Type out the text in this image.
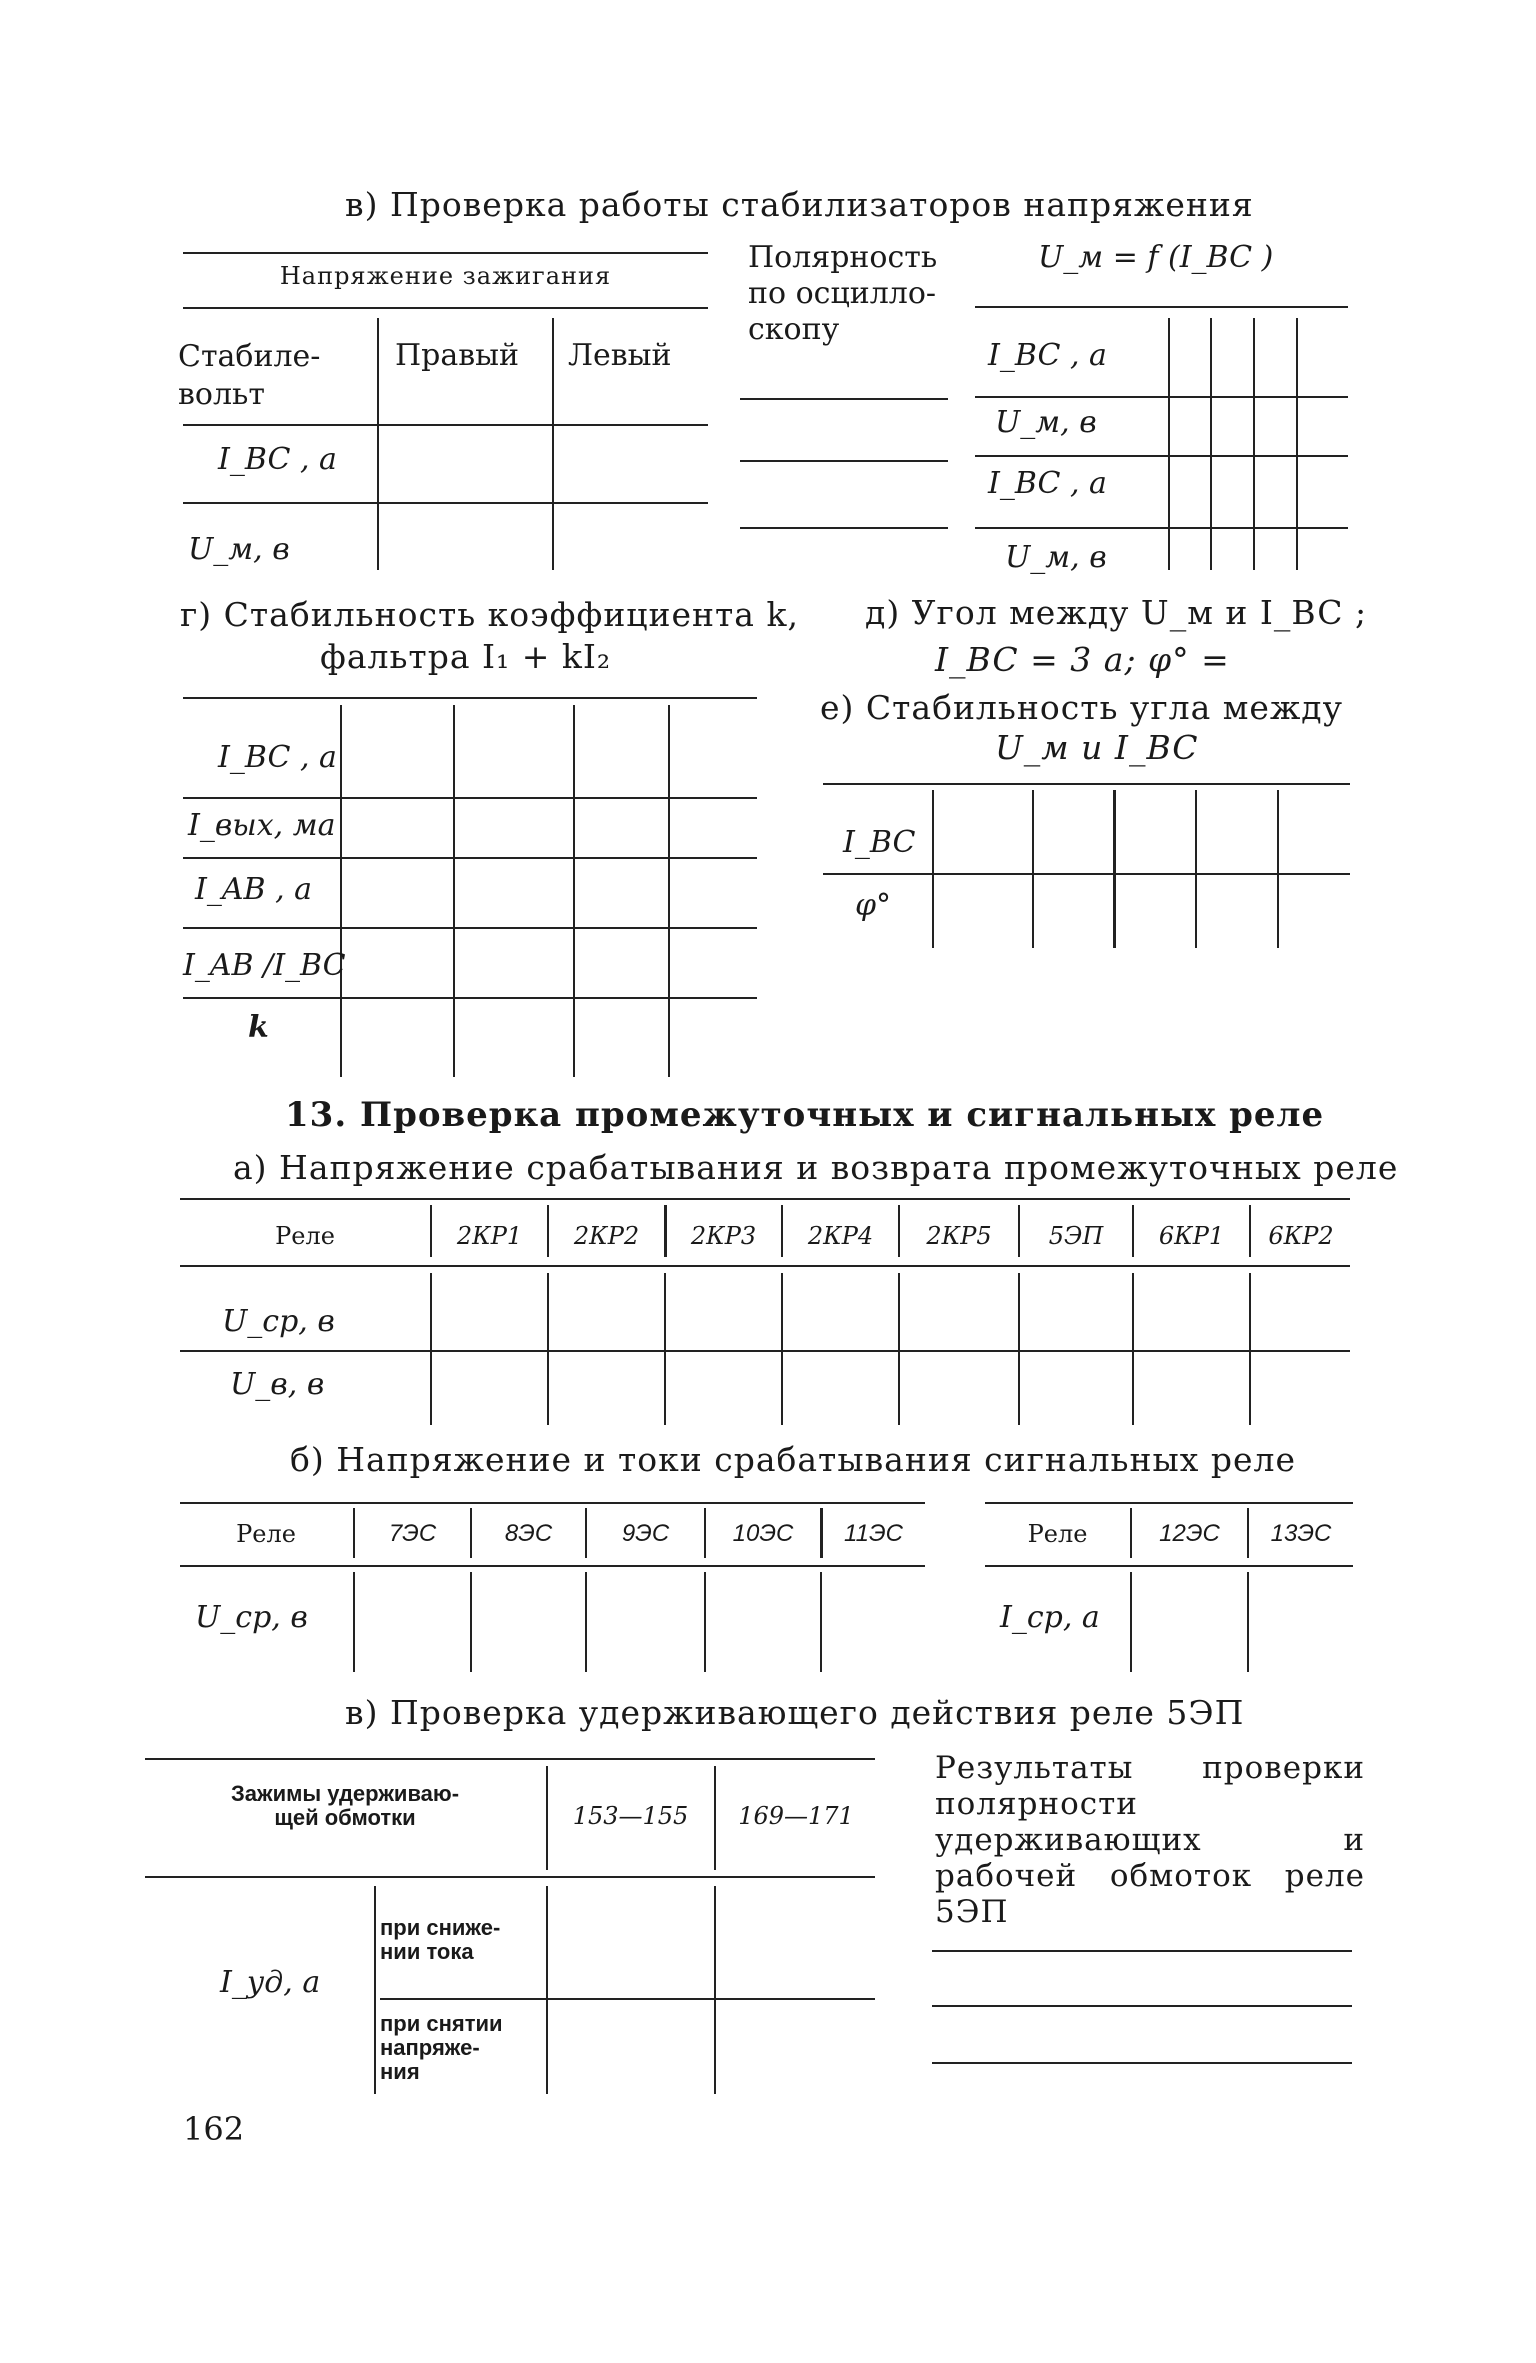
в) Проверка работы стабилизаторов напряжения
Напряжение зажигания
Стабиле-
вольт
Правый Левый
I_BC , a
U_м, в
Полярность
по осцилло-
скопу
U_м = f (I_BC )
I_BC , a
U_м, в
I_BC , a
U_м, в
г) Стабильность коэффициента k,
фальтра I₁ + kI₂
I_BC , a
I_вых, мa
I_AB , a
I_AB /I_BC
k
д) Угол между U_м и I_BC ;
I_BC = 3 a; φ° =
е) Стабильность угла между
U_м и I_BC
I_BC
φ°
13. Проверка промежуточных и сигнальных реле
а) Напряжение срабатывания и возврата промежуточных реле
Реле	2КР1	2КР2	2КР3	2КР4	2КР5	5ЭП	6КР1	6КР2
U_ср, в
U_в, в
б) Напряжение и токи срабатывания сигнальных реле
Реле	7ЭС	8ЭС	9ЭС	10ЭС	11ЭС
U_ср, в
Реле	12ЭС	13ЭС
I_ср, a
в) Проверка удерживающего действия реле 5ЭП
Зажимы удерживаю-
щей обмотки	153—155	169—171
при сниже-
нии тока
при снятии
напряже-
ния
I_уд, a
Результаты проверки полярности удерживающих и рабочей обмоток реле 5ЭП
162
